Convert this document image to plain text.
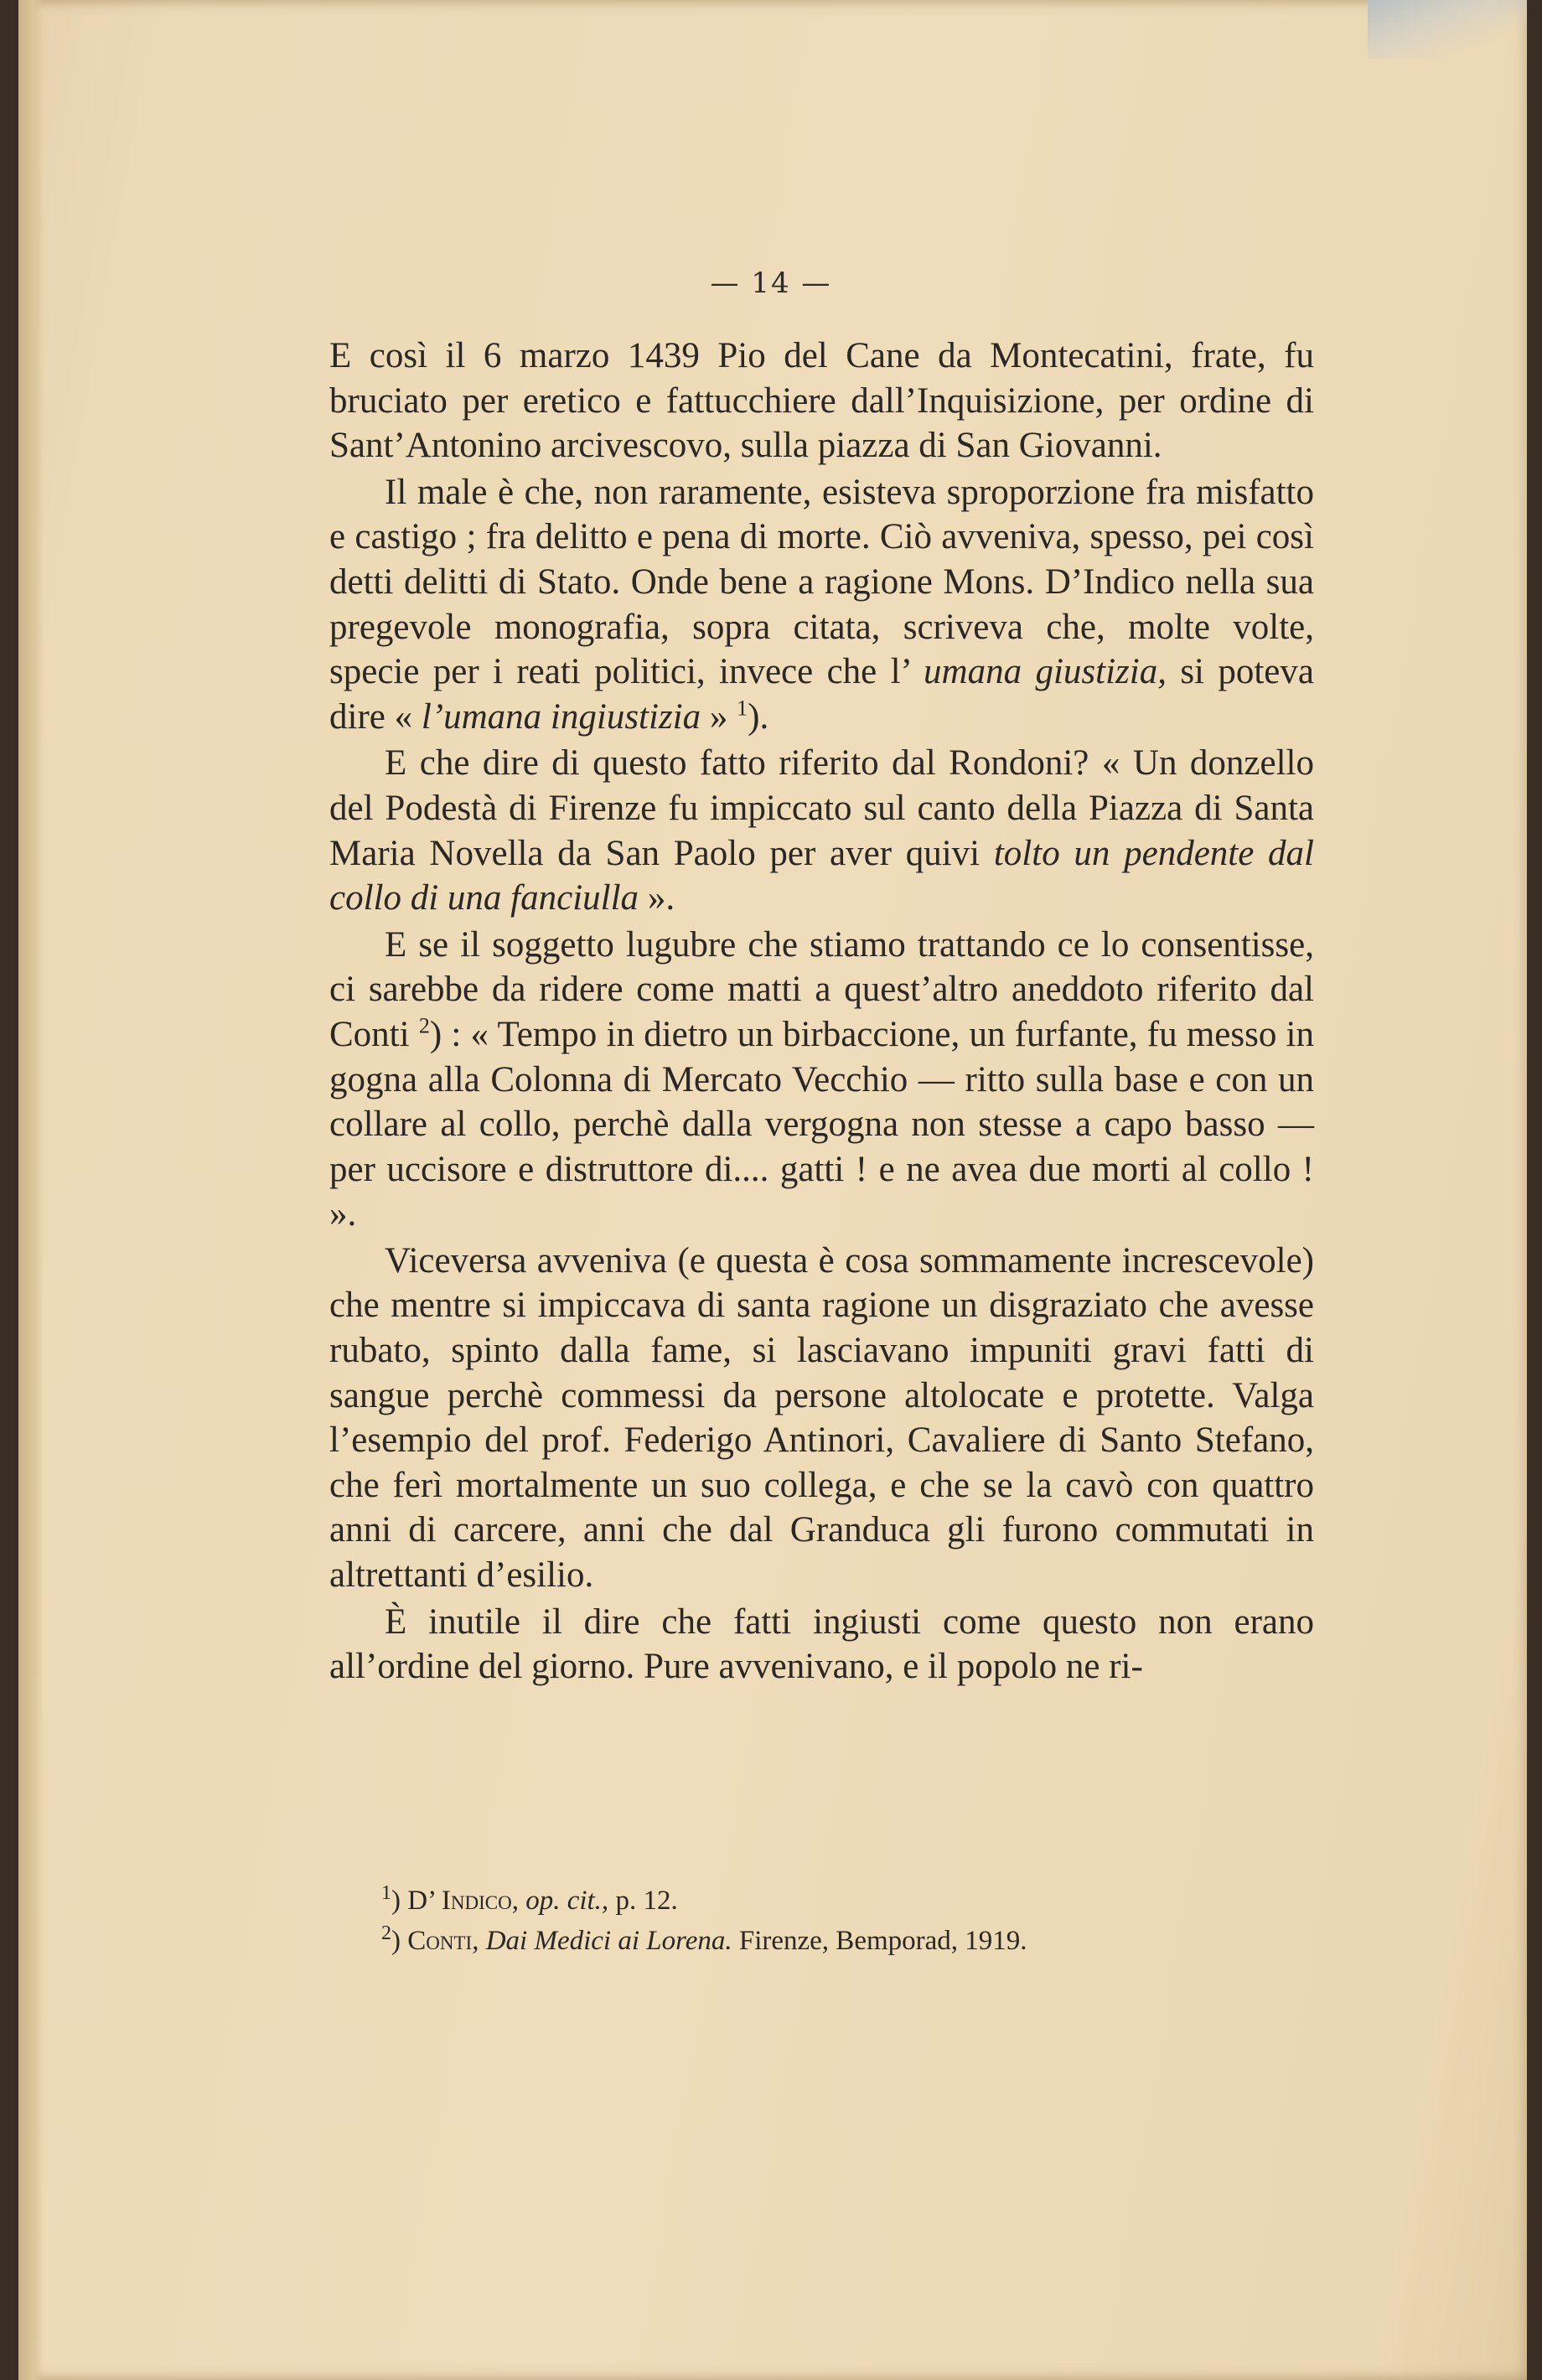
— 14 —

E così il 6 marzo 1439 Pio del Cane da Montecatini, frate, fu bruciato per eretico e fattucchiere dall’Inquisizione, per ordine di Sant’Antonino arcivescovo, sulla piazza di San Giovanni.

Il male è che, non raramente, esisteva sproporzione fra misfatto e castigo ; fra delitto e pena di morte. Ciò avveniva, spesso, pei così detti delitti di Stato. Onde bene a ragione Mons. D’Indico nella sua pregevole monografia, sopra citata, scriveva che, molte volte, specie per i reati politici, invece che l’ umana giustizia, si poteva dire « l’umana ingiustizia » $^1$).

E che dire di questo fatto riferito dal Rondoni? « Un donzello del Podestà di Firenze fu impiccato sul canto della Piazza di Santa Maria Novella da San Paolo per aver quivi tolto un pendente dal collo di una fanciulla ».

E se il soggetto lugubre che stiamo trattando ce lo consentisse, ci sarebbe da ridere come matti a quest’altro aneddoto riferito dal Conti $^2$) : « Tempo in dietro un birbaccione, un furfante, fu messo in gogna alla Colonna di Mercato Vecchio — ritto sulla base e con un collare al collo, perchè dalla vergogna non stesse a capo basso — per uccisore e distruttore di.... gatti ! e ne avea due morti al collo ! ».

Viceversa avveniva (e questa è cosa sommamente increscevole) che mentre si impiccava di santa ragione un disgraziato che avesse rubato, spinto dalla fame, si lasciavano impuniti gravi fatti di sangue perchè commessi da persone altolocate e protette. Valga l’esempio del prof. Federigo Antinori, Cavaliere di Santo Stefano, che ferì mortalmente un suo collega, e che se la cavò con quattro anni di carcere, anni che dal Granduca gli furono commutati in altrettanti d’esilio.

È inutile il dire che fatti ingiusti come questo non erano all’ordine del giorno. Pure avvenivano, e il popolo ne ri-

$^1$) D’ Indico, op. cit., p. 12.

$^2$) Conti, Dai Medici ai Lorena. Firenze, Bemporad, 1919.
